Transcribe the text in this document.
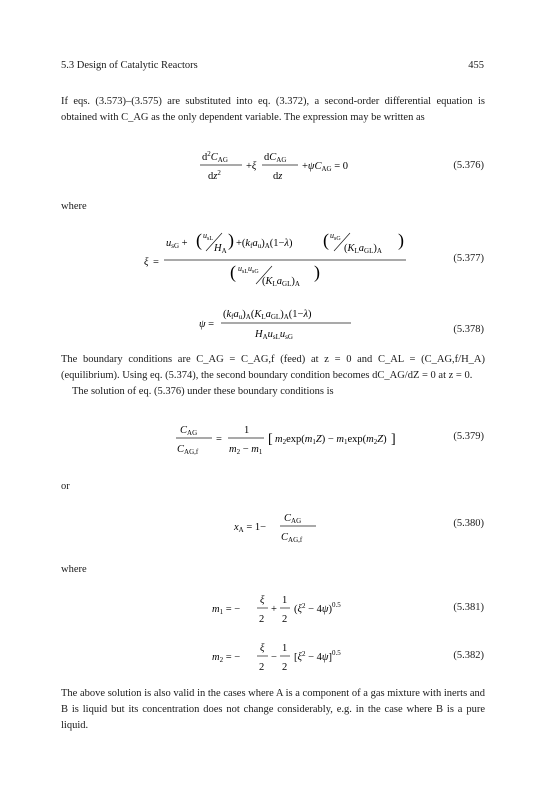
5.3 Design of Catalytic Reactors	455
If eqs. (3.573)–(3.575) are substituted into eq. (3.372), a second-order differential equation is obtained with C_AG as the only dependent variable. The expression may be written as
$d^2CAG$
$dz^2$
+ξ
dCAG
dz
+ψCAG = 0	(5.376)
where
ξ =
usG + ( $u_{sL}$
HA
) +(kfau)A(1−λ) ( $u_{sG}$
(KLaGL)A
)
( $u_{sL}u_{sG}$
(KLaGL)A
)
(5.377)
ψ =
(kfau)A(KLaGL)A(1−λ)
HAusLusG
(5.378)
The boundary conditions are C_AG = C_AG,f (feed) at z = 0 and C_AL = (C_AG,f/H_A) (equilibrium). Using eq. (5.374), the second boundary condition becomes dC_AG/dZ = 0 at z = 0.
The solution of eq. (5.376) under these boundary conditions is
CAG
CAG,f
=
1
m2 − m1
[ m2exp(m1Z) − m1exp(m2Z) ]	(5.379)
or
xA = 1−
CAG
CAG,f
(5.380)
where
m1 = −
ξ
2
+
1
2
$(\xi^2 - 4\psi)^{0.5}$	(5.381)
m2 = −
ξ
2
−
1
2
$[\xi^2 - 4\psi]^{0.5}$	(5.382)
The above solution is also valid in the cases where A is a component of a gas mixture with inerts and B is liquid but its concentration does not change considerably, e.g. in the case where B is a pure liquid.
